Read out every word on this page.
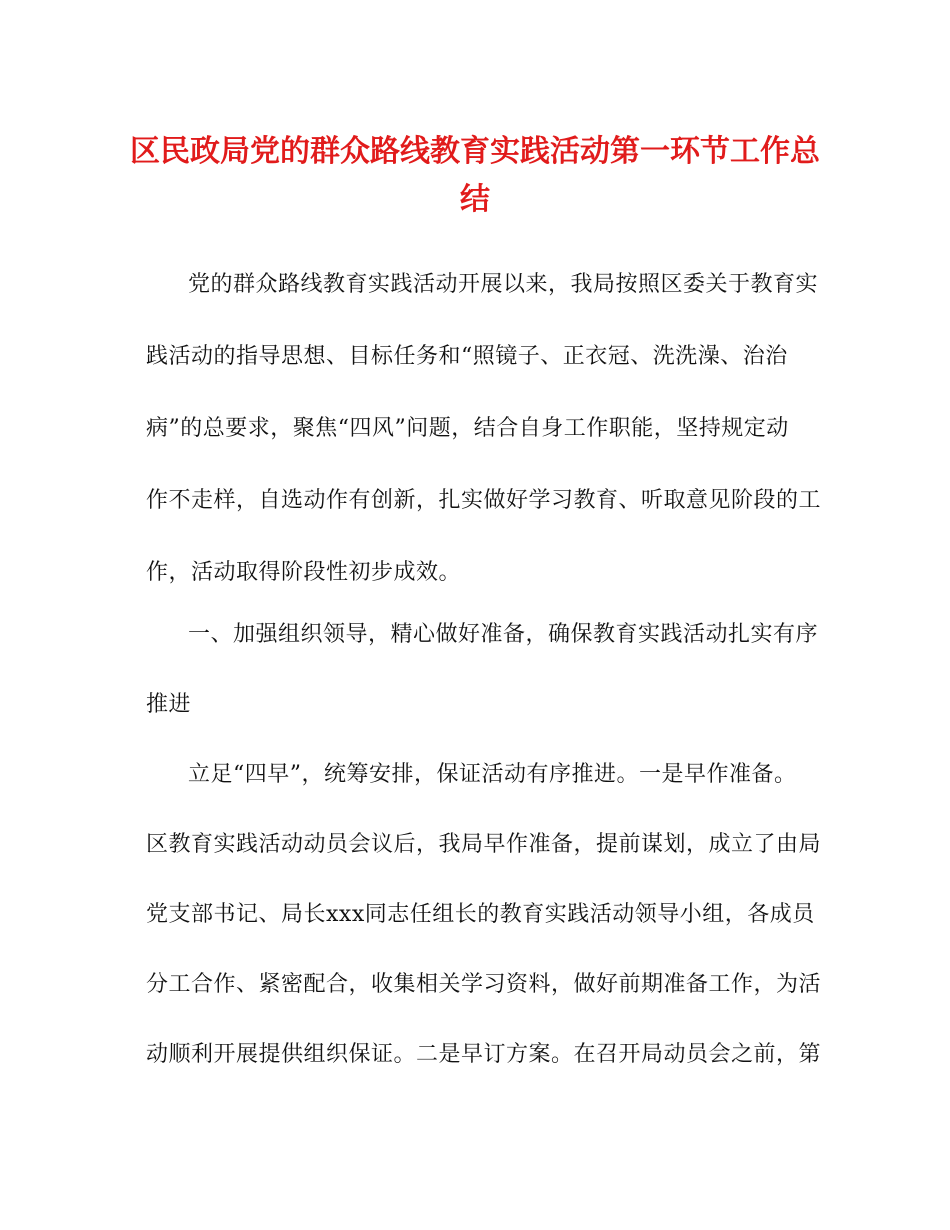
区民政局党的群众路线教育实践活动第一环节工作总
结
党的群众路线教育实践活动开展以来，我局按照区委关于教育实
践活动的指导思想、目标任务和“照镜子、正衣冠、洗洗澡、治治
病”的总要求，聚焦“四风”问题，结合自身工作职能，坚持规定动
作不走样，自选动作有创新，扎实做好学习教育、听取意见阶段的工
作，活动取得阶段性初步成效。
一、加强组织领导，精心做好准备，确保教育实践活动扎实有序
推进
立足“四早”，统筹安排，保证活动有序推进。一是早作准备。
区教育实践活动动员会议后，我局早作准备，提前谋划，成立了由局
党支部书记、局长xxx同志任组长的教育实践活动领导小组，各成员
分工合作、紧密配合，收集相关学习资料，做好前期准备工作，为活
动顺利开展提供组织保证。二是早订方案。在召开局动员会之前，第
